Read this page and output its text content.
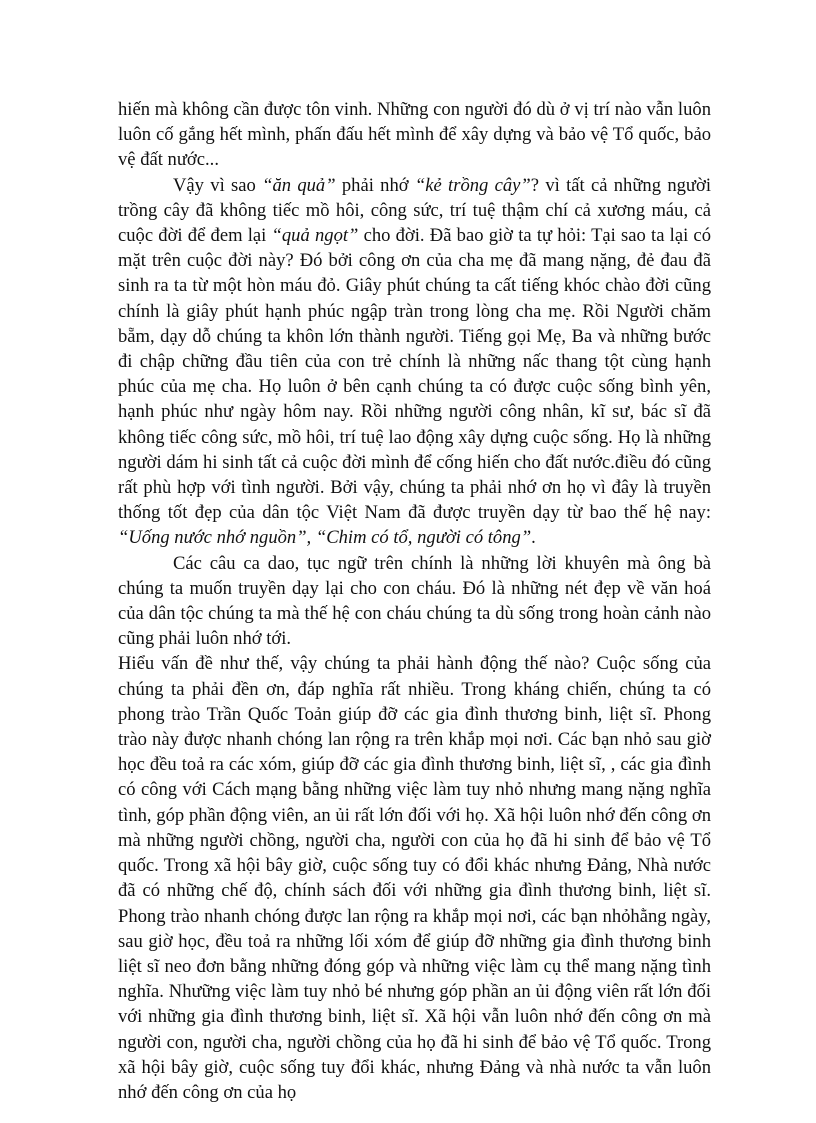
hiến mà không cần được tôn vinh. Những con người đó dù ở vị trí nào vẫn luôn luôn cố gắng hết mình, phấn đấu hết mình để xây dựng và bảo vệ Tổ quốc, bảo vệ đất nước...

Vậy vì sao “ăn quả” phải nhớ “kẻ trồng cây”? vì tất cả những người trồng cây đã không tiếc mồ hôi, công sức, trí tuệ thậm chí cả xương máu, cả cuộc đời để đem lại “quả ngọt” cho đời. Đã bao giờ ta tự hỏi: Tại sao ta lại có mặt trên cuộc đời này? Đó bởi công ơn của cha mẹ đã mang nặng, đẻ đau đã sinh ra ta từ một hòn máu đỏ. Giây phút chúng ta cất tiếng khóc chào đời cũng chính là giây phút hạnh phúc ngập tràn trong lòng cha mẹ. Rồi Người chăm bẵm, dạy dỗ chúng ta khôn lớn thành người. Tiếng gọi Mẹ, Ba và những bước đi chập chững đầu tiên của con trẻ chính là những nấc thang tột cùng hạnh phúc của mẹ cha. Họ luôn ở bên cạnh chúng ta có được cuộc sống bình yên, hạnh phúc như ngày hôm nay. Rồi những người công nhân, kĩ sư, bác sĩ đã không tiếc công sức, mồ hôi, trí tuệ lao động xây dựng cuộc sống. Họ là những người dám hi sinh tất cả cuộc đời mình để cống hiến cho đất nước.điều đó cũng rất phù hợp với tình người. Bởi vậy, chúng ta phải nhớ ơn họ vì đây là truyền thống tốt đẹp của dân tộc Việt Nam đã được truyền dạy từ bao thế hệ nay: “Uống nước nhớ nguồn”, “Chim có tổ, người có tông”.

Các câu ca dao, tục ngữ trên chính là những lời khuyên mà ông bà chúng ta muốn truyền dạy lại cho con cháu. Đó là những nét đẹp về văn hoá của dân tộc chúng ta mà thế hệ con cháu chúng ta dù sống trong hoàn cảnh nào cũng phải luôn nhớ tới.

Hiểu vấn đề như thế, vậy chúng ta phải hành động thế nào? Cuộc sống của chúng ta phải đền ơn, đáp nghĩa rất nhiều. Trong kháng chiến, chúng ta có phong trào Trần Quốc Toản giúp đỡ các gia đình thương binh, liệt sĩ. Phong trào này được nhanh chóng lan rộng ra trên khắp mọi nơi. Các bạn nhỏ sau giờ học đều toả ra các xóm, giúp đỡ các gia đình thương binh, liệt sĩ, , các gia đình có công với Cách mạng bằng những việc làm tuy nhỏ nhưng mang nặng nghĩa tình, góp phần động viên, an ủi rất lớn đối với họ. Xã hội luôn nhớ đến công ơn mà những người chồng, người cha, người con của họ đã hi sinh để bảo vệ Tổ quốc. Trong xã hội bây giờ, cuộc sống tuy có đổi khác nhưng Đảng, Nhà nước đã có những chế độ, chính sách đối với những gia đình thương binh, liệt sĩ. Phong trào nhanh chóng được lan rộng ra khắp mọi nơi, các bạn nhỏhằng ngày, sau giờ học, đều toả ra những lối xóm để giúp đỡ những gia đình thương binh liệt sĩ neo đơn bằng những đóng góp và những việc làm cụ thể mang nặng tình nghĩa. Nhưững việc làm tuy nhỏ bé nhưng góp phần an ủi động viên rất lớn đối với những gia đình thương binh, liệt sĩ. Xã hội vẫn luôn nhớ đến công ơn mà người con, người cha, người chồng của họ đã hi sinh để bảo vệ Tổ quốc. Trong xã hội bây giờ, cuộc sống tuy đổi khác, nhưng Đảng và nhà nước ta vẫn luôn nhớ đến công ơn của họ
